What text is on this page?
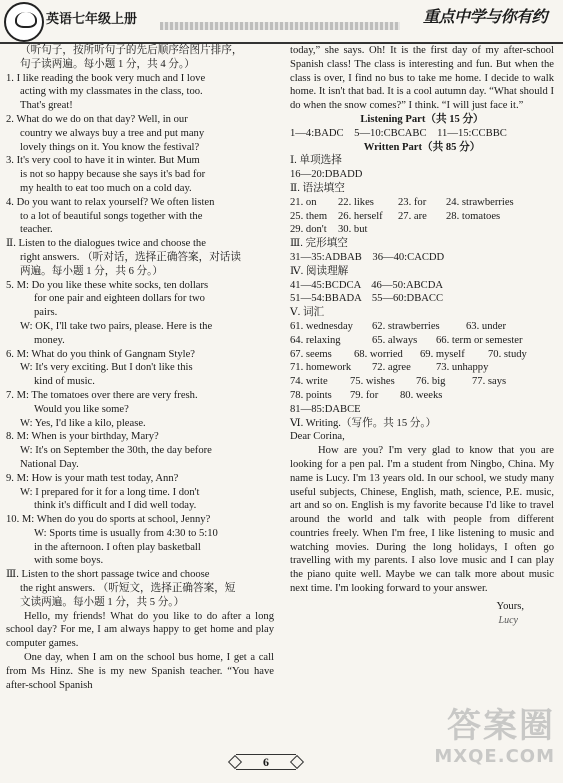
英语七年级上册	重点中学与你有约

（听句子，按所听句子的先后顺序给图片排序，

句子读两遍。每小题 1 分，共 4 分。）

1. I like reading the book very much and I love

acting with my classmates in the class, too.

That's great!

2. What do we do on that day? Well, in our

country we always buy a tree and put many

lovely things on it. You know the festival?

3. It's very cool to have it in winter. But Mum

is not so happy because she says it's bad for

my health to eat too much on a cold day.

4. Do you want to relax yourself? We often listen

to a lot of beautiful songs together with the

teacher.

Ⅱ. Listen to the dialogues twice and choose the

right answers. （听对话，选择正确答案，对话读

两遍。每小题 1 分，共 6 分。）

5. M: Do you like these white socks, ten dollars

for one pair and eighteen dollars for two

pairs.

W: OK, I'll take two pairs, please. Here is the

money.

6. M: What do you think of Gangnam Style?

W: It's very exciting. But I don't like this

kind of music.

7. M: The tomatoes over there are very fresh.

Would you like some?

W: Yes, I'd like a kilo, please.

8. M: When is your birthday, Mary?

W: It's on September the 30th, the day before

National Day.

9. M: How is your math test today, Ann?

W: I prepared for it for a long time. I don't

think it's difficult and I did well today.

10. M: When do you do sports at school, Jenny?

W: Sports time is usually from 4:30 to 5:10

in the afternoon. I often play basketball

with some boys.

Ⅲ. Listen to the short passage twice and choose

the right answers. （听短文，选择正确答案，短

文读两遍。每小题 1 分，共 5 分。）

Hello, my friends! What do you like to do after a long school day? For me, I am always happy to get home and play computer games.

One day, when I am on the school bus home, I get a call from Ms Hinz. She is my new Spanish teacher. “You have after-school Spanish

today,” she says. Oh! It is the first day of my after-school Spanish class! The class is interesting and fun. But when the class is over, I find no bus to take me home. I decide to walk home. It isn't that bad. It is a cool autumn day. “What should I do when the snow comes?” I think. “I will just face it.”

Listening Part（共 15 分）

1—4:BADC　5—10:CBCABC　11—15:CCBBC

Written Part（共 85 分）

Ⅰ. 单项选择

16—20:DBADD

Ⅱ. 语法填空

21. on	22. likes	23. for	24. strawberries
25. them	26. herself	27. are	28. tomatoes
29. don't	30. but

Ⅲ. 完形填空

31—35:ADBAB　36—40:CACDD

Ⅳ. 阅读理解

41—45:BCDCA　46—50:ABCDA

51—54:BBADA　55—60:DBACC

Ⅴ. 词汇

61. wednesday	62. strawberries	63. under
64. relaxing	65. always	66. term or semester
67. seems	68. worried	69. myself	70. study
71. homework	72. agree	73. unhappy
74. write	75. wishes	76. big	77. says
78. points	79. for	80. weeks

81—85:DABCE

Ⅵ. Writing.（写作。共 15 分。）

Dear Corina,

How are you? I'm very glad to know that you are looking for a pen pal. I'm a student from Ningbo, China. My name is Lucy. I'm 13 years old. In our school, we study many useful subjects, Chinese, English, math, science, P.E. music, art and so on. English is my favorite because I'd like to travel around the world and talk with people from different countries freely. When I'm free, I like listening to music and watching movies. During the long holidays, I often go travelling with my parents. I also love music and I can play the piano quite well. Maybe we can talk more about music next time. I'm looking forward to your answer.

Yours,

Lucy

6
答案圈
MXQE.COM
